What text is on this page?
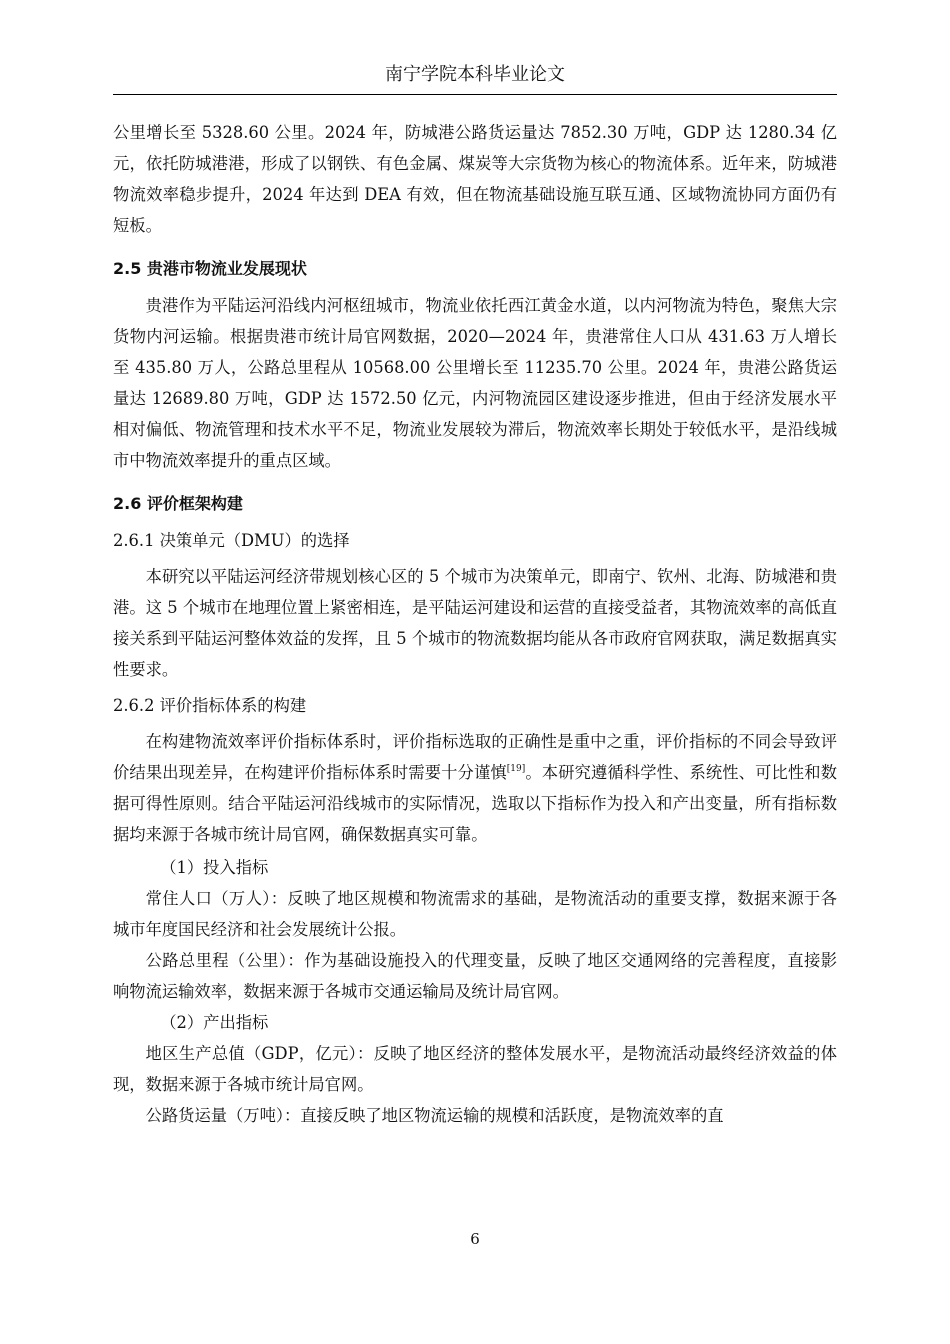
南宁学院本科毕业论文

公里增长至 5328.60 公里。2024 年，防城港公路货运量达 7852.30 万吨，GDP 达 1280.34 亿元，依托防城港港，形成了以钢铁、有色金属、煤炭等大宗货物为核心的物流体系。近年来，防城港物流效率稳步提升，2024 年达到 DEA 有效，但在物流基础设施互联互通、区域物流协同方面仍有短板。

2.5 贵港市物流业发展现状

贵港作为平陆运河沿线内河枢纽城市，物流业依托西江黄金水道，以内河物流为特色，聚焦大宗货物内河运输。根据贵港市统计局官网数据，2020—2024 年，贵港常住人口从 431.63 万人增长至 435.80 万人，公路总里程从 10568.00 公里增长至 11235.70 公里。2024 年，贵港公路货运量达 12689.80 万吨，GDP 达 1572.50 亿元，内河物流园区建设逐步推进，但由于经济发展水平相对偏低、物流管理和技术水平不足，物流业发展较为滞后，物流效率长期处于较低水平，是沿线城市中物流效率提升的重点区域。

2.6 评价框架构建
2.6.1 决策单元（DMU）的选择

本研究以平陆运河经济带规划核心区的 5 个城市为决策单元，即南宁、钦州、北海、防城港和贵港。这 5 个城市在地理位置上紧密相连，是平陆运河建设和运营的直接受益者，其物流效率的高低直接关系到平陆运河整体效益的发挥，且 5 个城市的物流数据均能从各市政府官网获取，满足数据真实性要求。

2.6.2 评价指标体系的构建

在构建物流效率评价指标体系时，评价指标选取的正确性是重中之重，评价指标的不同会导致评价结果出现差异，在构建评价指标体系时需要十分谨慎[19]。本研究遵循科学性、系统性、可比性和数据可得性原则。结合平陆运河沿线城市的实际情况，选取以下指标作为投入和产出变量，所有指标数据均来源于各城市统计局官网，确保数据真实可靠。

（1）投入指标

常住人口（万人）：反映了地区规模和物流需求的基础，是物流活动的重要支撑，数据来源于各城市年度国民经济和社会发展统计公报。

公路总里程（公里）：作为基础设施投入的代理变量，反映了地区交通网络的完善程度，直接影响物流运输效率，数据来源于各城市交通运输局及统计局官网。

（2）产出指标

地区生产总值（GDP，亿元）：反映了地区经济的整体发展水平，是物流活动最终经济效益的体现，数据来源于各城市统计局官网。

公路货运量（万吨）：直接反映了地区物流运输的规模和活跃度，是物流效率的直

6
